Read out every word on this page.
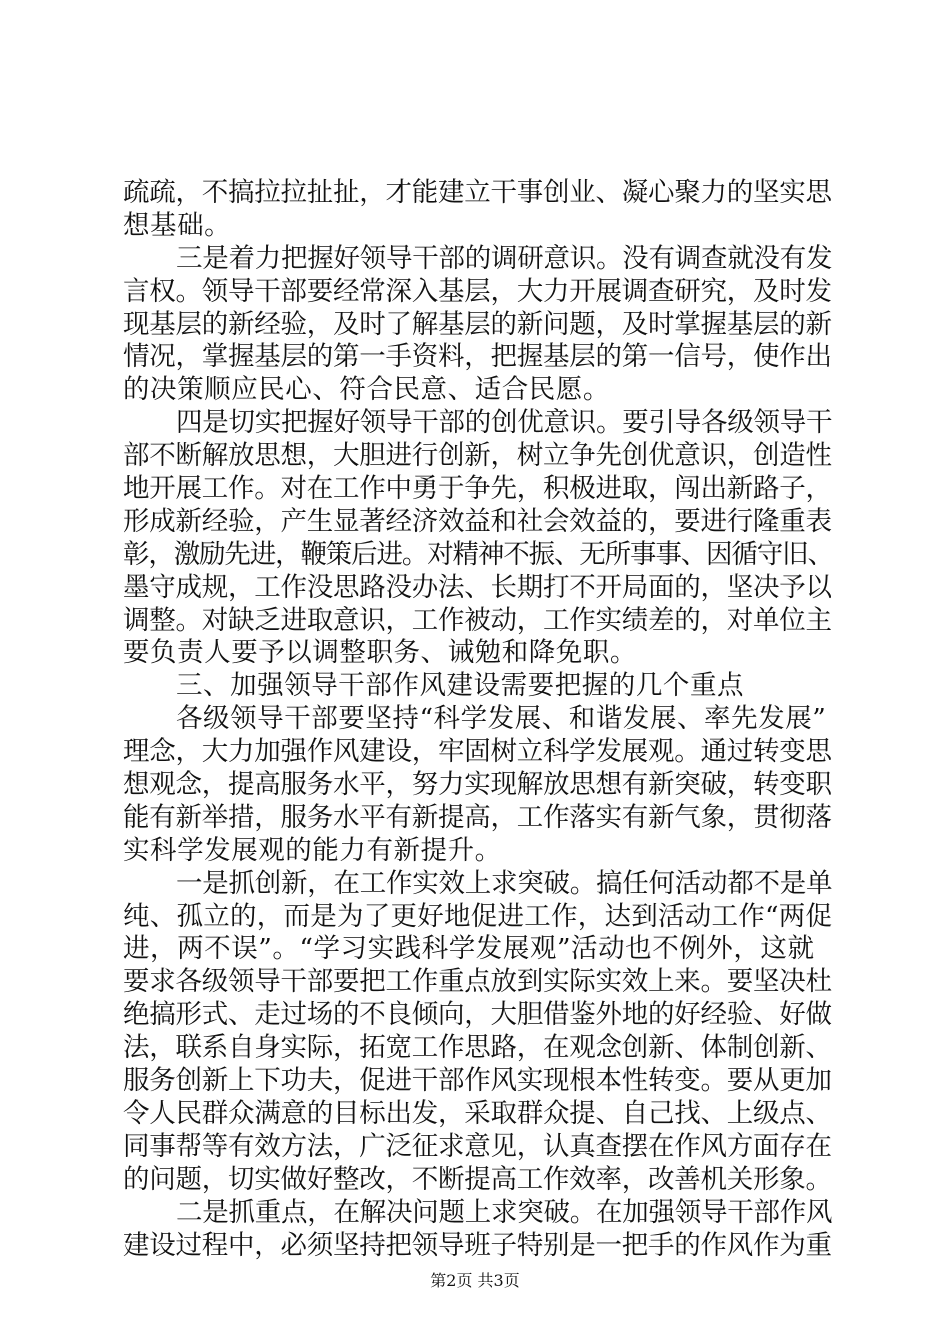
疏疏，不搞拉拉扯扯，才能建立干事创业、凝心聚力的坚实思
想基础。
三是着力把握好领导干部的调研意识。没有调查就没有发
言权。领导干部要经常深入基层，大力开展调查研究，及时发
现基层的新经验，及时了解基层的新问题，及时掌握基层的新
情况，掌握基层的第一手资料，把握基层的第一信号，使作出
的决策顺应民心、符合民意、适合民愿。
四是切实把握好领导干部的创优意识。要引导各级领导干
部不断解放思想，大胆进行创新，树立争先创优意识，创造性
地开展工作。对在工作中勇于争先，积极进取，闯出新路子，
形成新经验，产生显著经济效益和社会效益的，要进行隆重表
彰，激励先进，鞭策后进。对精神不振、无所事事、因循守旧、
墨守成规，工作没思路没办法、长期打不开局面的，坚决予以
调整。对缺乏进取意识，工作被动，工作实绩差的，对单位主
要负责人要予以调整职务、诫勉和降免职。
三、加强领导干部作风建设需要把握的几个重点
各级领导干部要坚持“科学发展、和谐发展、率先发展”
理念，大力加强作风建设，牢固树立科学发展观。通过转变思
想观念，提高服务水平，努力实现解放思想有新突破，转变职
能有新举措，服务水平有新提高，工作落实有新气象，贯彻落
实科学发展观的能力有新提升。
一是抓创新，在工作实效上求突破。搞任何活动都不是单
纯、孤立的，而是为了更好地促进工作，达到活动工作“两促
进，两不误”。“学习实践科学发展观”活动也不例外，这就
要求各级领导干部要把工作重点放到实际实效上来。要坚决杜
绝搞形式、走过场的不良倾向，大胆借鉴外地的好经验、好做
法，联系自身实际，拓宽工作思路，在观念创新、体制创新、
服务创新上下功夫，促进干部作风实现根本性转变。要从更加
令人民群众满意的目标出发，采取群众提、自己找、上级点、
同事帮等有效方法，广泛征求意见，认真查摆在作风方面存在
的问题，切实做好整改，不断提高工作效率，改善机关形象。
二是抓重点，在解决问题上求突破。在加强领导干部作风
建设过程中，必须坚持把领导班子特别是一把手的作风作为重
第2页 共3页
